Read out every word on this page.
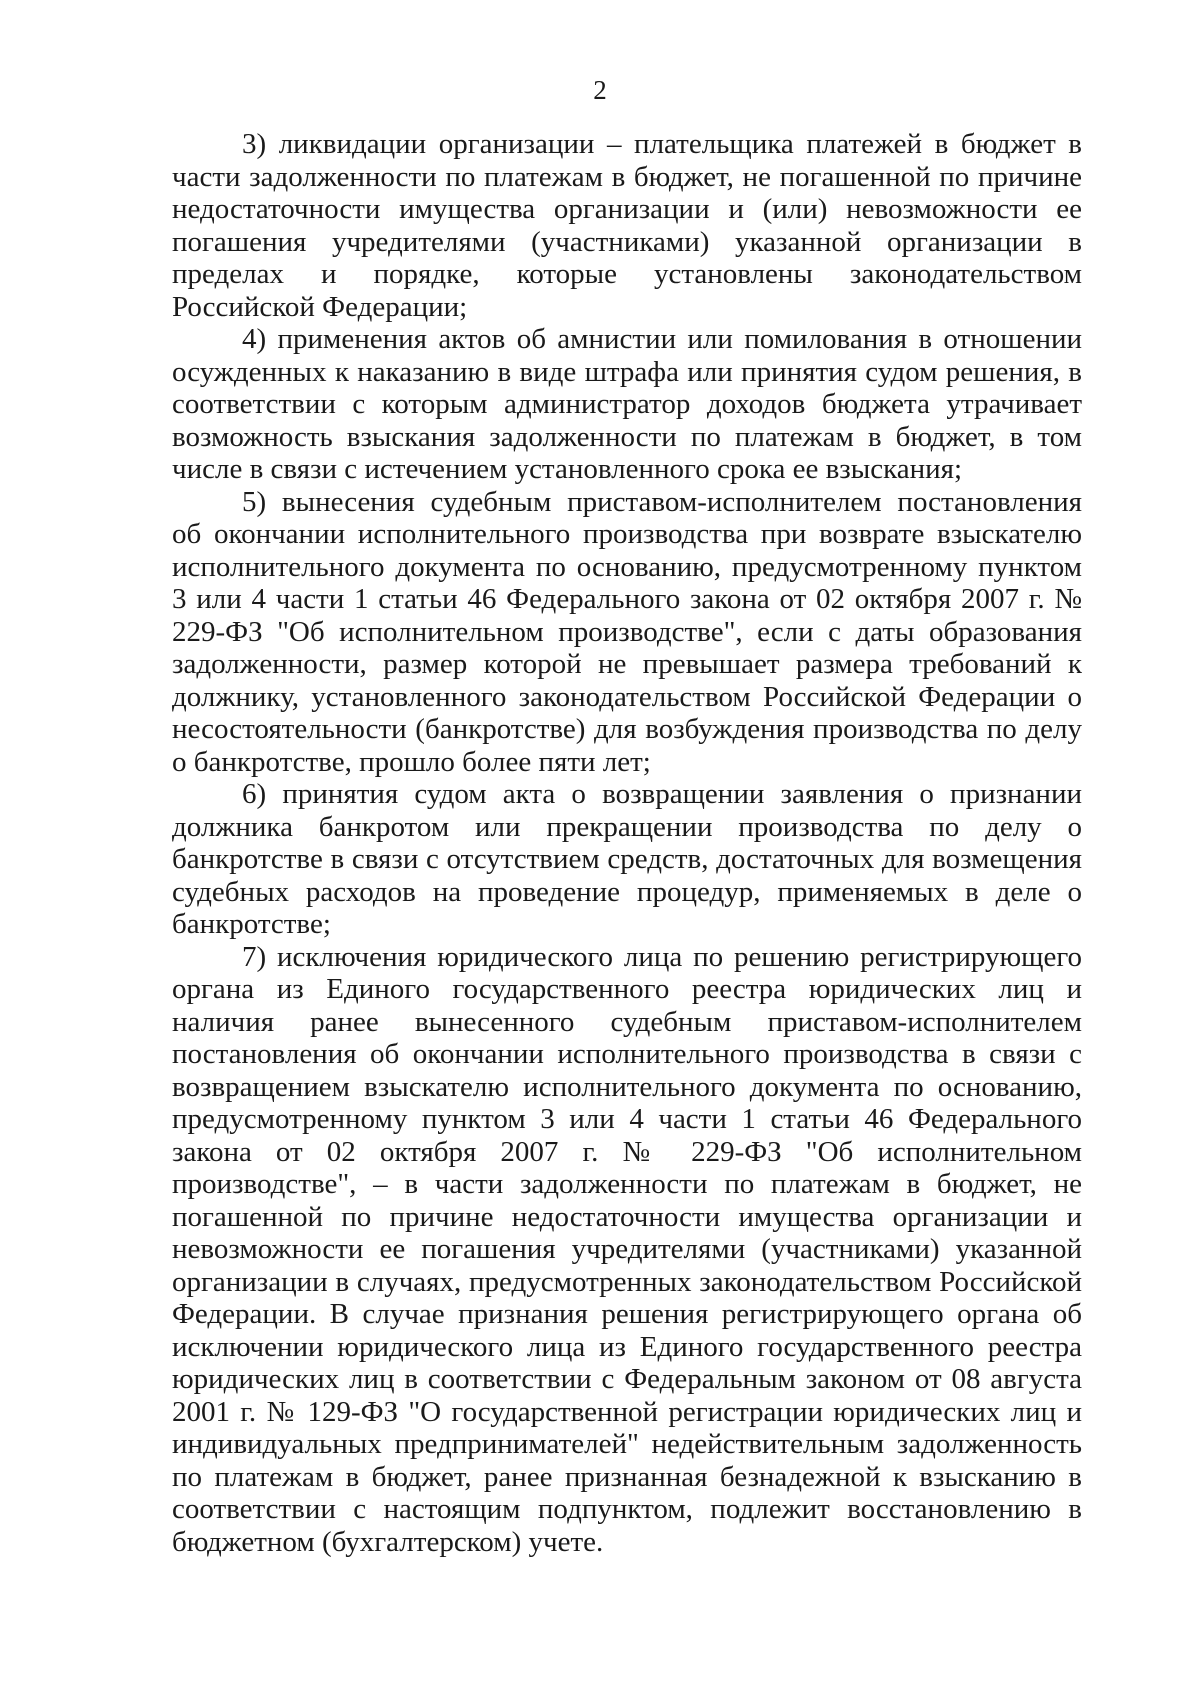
2

3) ликвидации организации – плательщика платежей в бюджет в части задолженности по платежам в бюджет, не погашенной по причине недостаточности имущества организации и (или) невозможности ее погашения учредителями (участниками) указанной организации в пределах и порядке, которые установлены законодательством Российской Федерации;

4) применения актов об амнистии или помилования в отношении осужденных к наказанию в виде штрафа или принятия судом решения, в соответствии с которым администратор доходов бюджета утрачивает возможность взыскания задолженности по платежам в бюджет, в том числе в связи с истечением установленного срока ее взыскания;

5) вынесения судебным приставом-исполнителем постановления об окончании исполнительного производства при возврате взыскателю исполнительного документа по основанию, предусмотренному пунктом 3 или 4 части 1 статьи 46 Федерального закона от 02 октября 2007 г. № 229-ФЗ "Об исполнительном производстве", если с даты образования задолженности, размер которой не превышает размера требований к должнику, установленного законодательством Российской Федерации о несостоятельности (банкротстве) для возбуждения производства по делу о банкротстве, прошло более пяти лет;

6) принятия судом акта о возвращении заявления о признании должника банкротом или прекращении производства по делу о банкротстве в связи с отсутствием средств, достаточных для возмещения судебных расходов на проведение процедур, применяемых в деле о банкротстве;

7) исключения юридического лица по решению регистрирующего органа из Единого государственного реестра юридических лиц и наличия ранее вынесенного судебным приставом-исполнителем постановления об окончании исполнительного производства в связи с возвращением взыскателю исполнительного документа по основанию, предусмотренному пунктом 3 или 4 части 1 статьи 46 Федерального закона от 02 октября 2007 г. № 229-ФЗ "Об исполнительном производстве", – в части задолженности по платежам в бюджет, не погашенной по причине недостаточности имущества организации и невозможности ее погашения учредителями (участниками) указанной организации в случаях, предусмотренных законодательством Российской Федерации. В случае признания решения регистрирующего органа об исключении юридического лица из Единого государственного реестра юридических лиц в соответствии с Федеральным законом от 08 августа 2001 г. № 129-ФЗ "О государственной регистрации юридических лиц и индивидуальных предпринимателей" недействительным задолженность по платежам в бюджет, ранее признанная безнадежной к взысканию в соответствии с настоящим подпунктом, подлежит восстановлению в бюджетном (бухгалтерском) учете.
